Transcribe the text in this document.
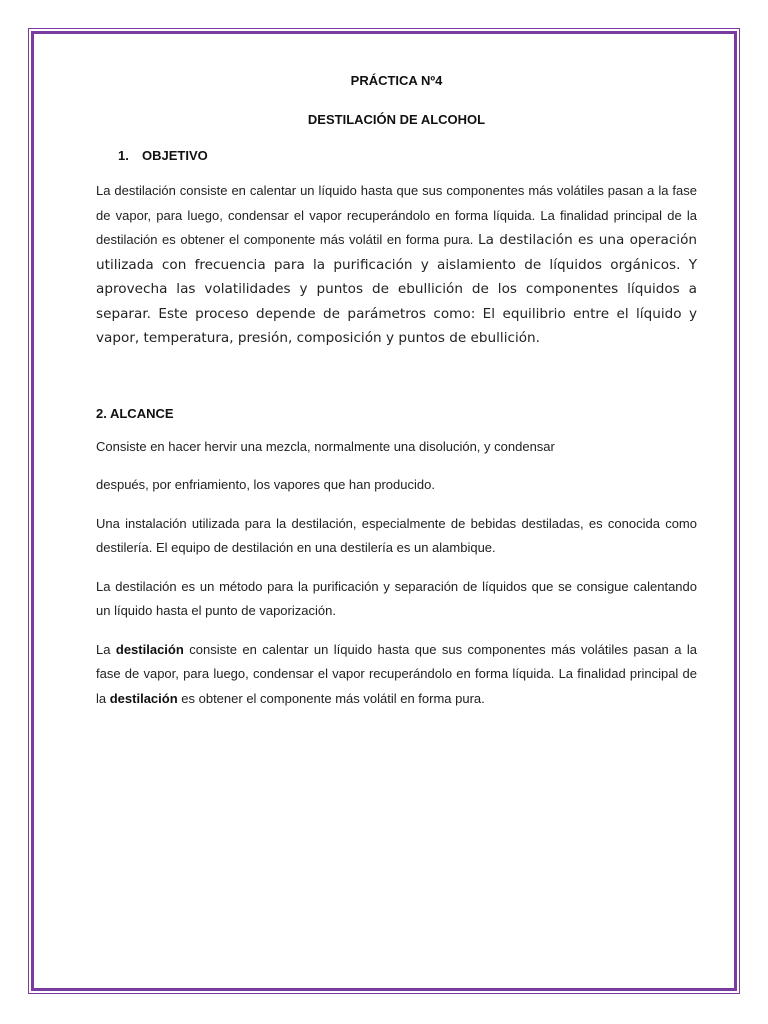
PRÁCTICA Nº4

DESTILACIÓN DE ALCOHOL

1. OBJETIVO

La destilación consiste en calentar un líquido hasta que sus componentes más volátiles pasan a la fase de vapor, para luego, condensar el vapor recuperándolo en forma líquida. La finalidad principal de la destilación es obtener el componente más volátil en forma pura. La destilación es una operación utilizada con frecuencia para la purificación y aislamiento de líquidos orgánicos. Y aprovecha las volatilidades y puntos de ebullición de los componentes líquidos a separar. Este proceso depende de parámetros como: El equilibrio entre el líquido y vapor, temperatura, presión, composición y puntos de ebullición.

2. ALCANCE

Consiste en hacer hervir una mezcla, normalmente una disolución, y condensar

después, por enfriamiento, los vapores que han producido.

Una instalación utilizada para la destilación, especialmente de bebidas destiladas, es conocida como destilería. El equipo de destilación en una destilería es un alambique.

La destilación es un método para la purificación y separación de líquidos que se consigue calentando un líquido hasta el punto de vaporización.

La destilación consiste en calentar un líquido hasta que sus componentes más volátiles pasan a la fase de vapor, para luego, condensar el vapor recuperándolo en forma líquida. La finalidad principal de la destilación es obtener el componente más volátil en forma pura.
